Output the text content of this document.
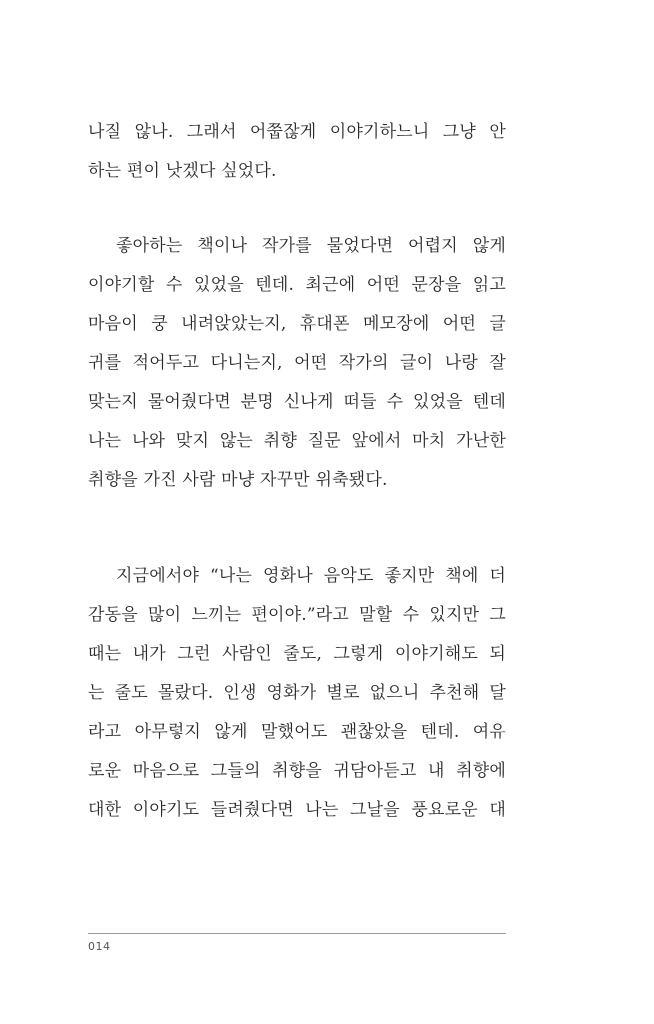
나질 않나. 그래서 어쭙잖게 이야기하느니 그냥 안
하는 편이 낫겠다 싶었다.
좋아하는 책이나 작가를 물었다면 어렵지 않게
이야기할 수 있었을 텐데. 최근에 어떤 문장을 읽고
마음이 쿵 내려앉았는지, 휴대폰 메모장에 어떤 글
귀를 적어두고 다니는지, 어떤 작가의 글이 나랑 잘
맞는지 물어줬다면 분명 신나게 떠들 수 있었을 텐데
나는 나와 맞지 않는 취향 질문 앞에서 마치 가난한
취향을 가진 사람 마냥 자꾸만 위축됐다.
지금에서야 “나는 영화나 음악도 좋지만 책에 더
감동을 많이 느끼는 편이야.”라고 말할 수 있지만 그
때는 내가 그런 사람인 줄도, 그렇게 이야기해도 되
는 줄도 몰랐다. 인생 영화가 별로 없으니 추천해 달
라고 아무렇지 않게 말했어도 괜찮았을 텐데. 여유
로운 마음으로 그들의 취향을 귀담아듣고 내 취향에
대한 이야기도 들려줬다면 나는 그날을 풍요로운 대
014
